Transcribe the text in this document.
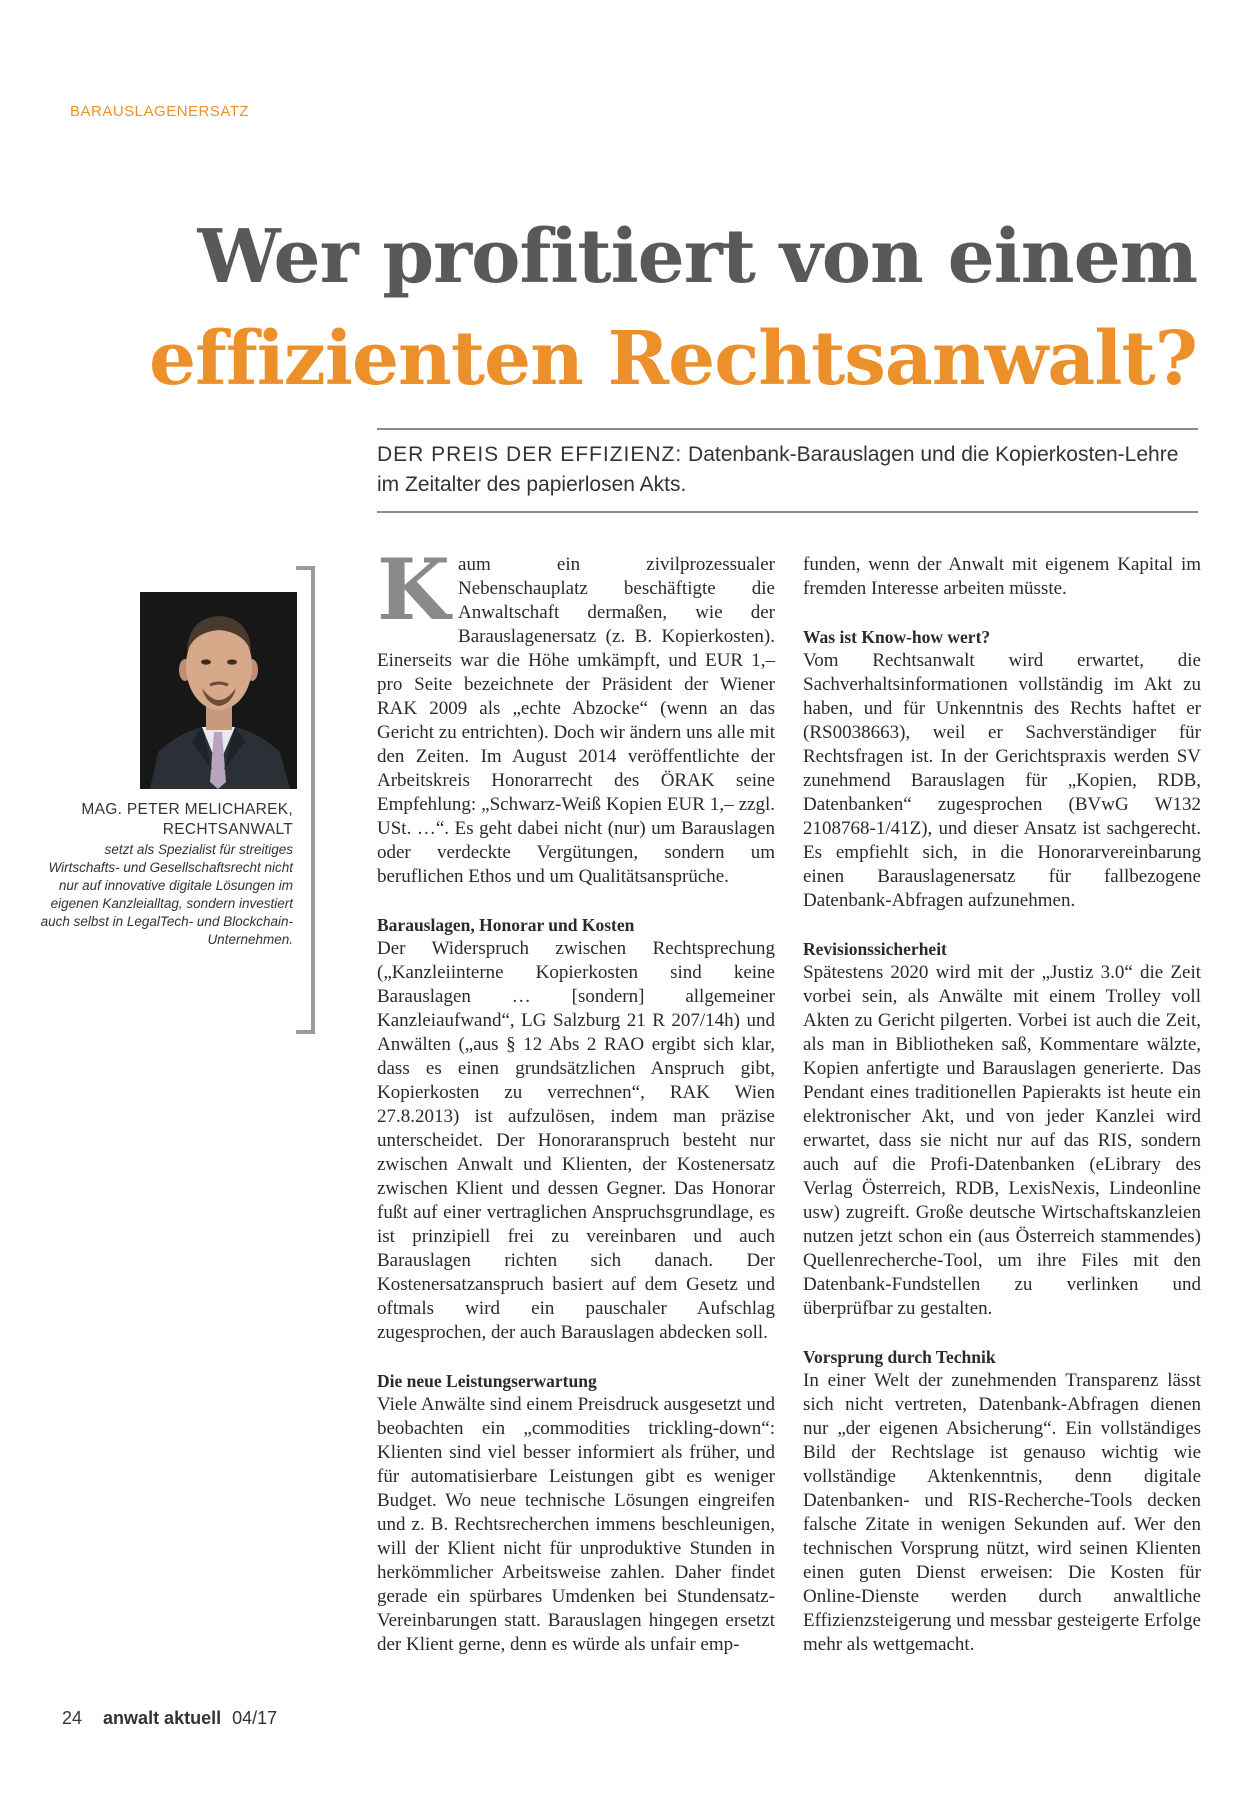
BARAUSLAGENERSATZ
Wer profitiert von einem
effizienten Rechtsanwalt?
DER PREIS DER EFFIZIENZ: Datenbank-Barauslagen und die Kopierkosten-Lehre im Zeitalter des papierlosen Akts.
MAG. PETER MELICHAREK,
RECHTSANWALT
setzt als Spezialist für streitiges Wirtschafts- und Gesellschaftsrecht nicht nur auf innovative digitale Lösungen im eigenen Kanzleialltag, sondern investiert auch selbst in LegalTech- und Blockchain-Unternehmen.
K aum ein zivilprozessualer Nebenschauplatz beschäftigte die Anwaltschaft dermaßen, wie der Barauslagenersatz (z. B. Kopierkosten). Einerseits war die Höhe umkämpft, und EUR 1,– pro Seite bezeichnete der Präsident der Wiener RAK 2009 als „echte Abzocke“ (wenn an das Gericht zu entrichten). Doch wir ändern uns alle mit den Zeiten. Im August 2014 veröffentlichte der Arbeitskreis Honorarrecht des ÖRAK seine Empfehlung: „Schwarz-Weiß Kopien EUR 1,– zzgl. USt. …“. Es geht dabei nicht (nur) um Barauslagen oder verdeckte Vergütungen, sondern um beruflichen Ethos und um Qualitätsansprüche.

Barauslagen, Honorar und Kosten

Der Widerspruch zwischen Rechtsprechung („Kanzleiinterne Kopierkosten sind keine Barauslagen … [sondern] allgemeiner Kanzleiaufwand“, LG Salzburg 21 R 207/14h) und Anwälten („aus § 12 Abs 2 RAO ergibt sich klar, dass es einen grundsätzlichen Anspruch gibt, Kopierkosten zu verrechnen“, RAK Wien 27.8.2013) ist aufzulösen, indem man präzise unterscheidet. Der Honoraranspruch besteht nur zwischen Anwalt und Klienten, der Kostenersatz zwischen Klient und dessen Gegner. Das Honorar fußt auf einer vertraglichen Anspruchsgrundlage, es ist prinzipiell frei zu vereinbaren und auch Barauslagen richten sich danach. Der Kostenersatzanspruch basiert auf dem Gesetz und oftmals wird ein pauschaler Aufschlag zugesprochen, der auch Barauslagen abdecken soll.

Die neue Leistungserwartung

Viele Anwälte sind einem Preisdruck ausgesetzt und beobachten ein „commodities trickling-down“: Klienten sind viel besser informiert als früher, und für automatisierbare Leistungen gibt es weniger Budget. Wo neue technische Lösungen eingreifen und z. B. Rechtsrecherchen immens beschleunigen, will der Klient nicht für unproduktive Stunden in herkömmlicher Arbeitsweise zahlen. Daher findet gerade ein spürbares Umdenken bei Stundensatz-Vereinbarungen statt. Barauslagen hingegen ersetzt der Klient gerne, denn es würde als unfair emp-

funden, wenn der Anwalt mit eigenem Kapital im fremden Interesse arbeiten müsste.

Was ist Know-how wert?

Vom Rechtsanwalt wird erwartet, die Sachverhaltsinformationen vollständig im Akt zu haben, und für Unkenntnis des Rechts haftet er (RS0038663), weil er Sachverständiger für Rechtsfragen ist. In der Gerichtspraxis werden SV zunehmend Barauslagen für „Kopien, RDB, Datenbanken“ zugesprochen (BVwG W132 2108768-1/41Z), und dieser Ansatz ist sachgerecht. Es empfiehlt sich, in die Honorarvereinbarung einen Barauslagenersatz für fallbezogene Datenbank-Abfragen aufzunehmen.

Revisionssicherheit

Spätestens 2020 wird mit der „Justiz 3.0“ die Zeit vorbei sein, als Anwälte mit einem Trolley voll Akten zu Gericht pilgerten. Vorbei ist auch die Zeit, als man in Bibliotheken saß, Kommentare wälzte, Kopien anfertigte und Barauslagen generierte. Das Pendant eines traditionellen Papierakts ist heute ein elektronischer Akt, und von jeder Kanzlei wird erwartet, dass sie nicht nur auf das RIS, sondern auch auf die Profi-Datenbanken (eLibrary des Verlag Österreich, RDB, LexisNexis, Lindeonline usw) zugreift. Große deutsche Wirtschaftskanzleien nutzen jetzt schon ein (aus Österreich stammendes) Quellenrecherche-Tool, um ihre Files mit den Datenbank-Fundstellen zu verlinken und überprüfbar zu gestalten.

Vorsprung durch Technik

In einer Welt der zunehmenden Transparenz lässt sich nicht vertreten, Datenbank-Abfragen dienen nur „der eigenen Absicherung“. Ein vollständiges Bild der Rechtslage ist genauso wichtig wie vollständige Aktenkenntnis, denn digitale Datenbanken- und RIS-Recherche-Tools decken falsche Zitate in wenigen Sekunden auf. Wer den technischen Vorsprung nützt, wird seinen Klienten einen guten Dienst erweisen: Die Kosten für Online-Dienste werden durch anwaltliche Effizienzsteigerung und messbar gesteigerte Erfolge mehr als wettgemacht.

24 anwalt aktuell 04/17
